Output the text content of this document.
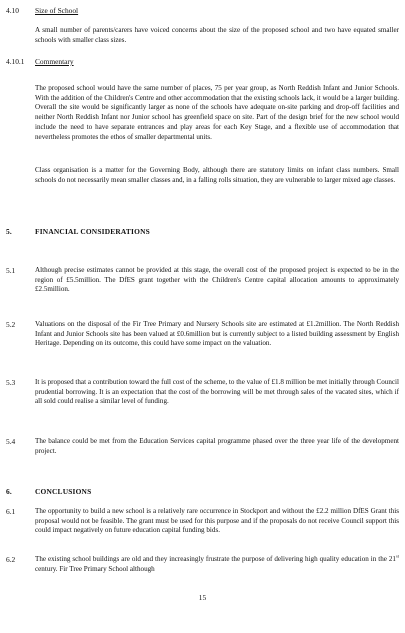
4.10 Size of School

A small number of parents/carers have voiced concerns about the size of the proposed school and two have equated smaller schools with smaller class sizes.

4.10.1 Commentary

The proposed school would have the same number of places, 75 per year group, as North Reddish Infant and Junior Schools. With the addition of the Children's Centre and other accommodation that the existing schools lack, it would be a larger building. Overall the site would be significantly larger as none of the schools have adequate on-site parking and drop-off facilities and neither North Reddish Infant nor Junior school has greenfield space on site. Part of the design brief for the new school would include the need to have separate entrances and play areas for each Key Stage, and a flexible use of accommodation that nevertheless promotes the ethos of smaller departmental units.

Class organisation is a matter for the Governing Body, although there are statutory limits on infant class numbers. Small schools do not necessarily mean smaller classes and, in a falling rolls situation, they are vulnerable to larger mixed age classes.

5.	FINANCIAL CONSIDERATIONS
5.1	Although precise estimates cannot be provided at this stage, the overall cost of the proposed project is expected to be in the region of £5.5million. The DfES grant together with the Children's Centre capital allocation amounts to approximately £2.5million.

5.2	Valuations on the disposal of the Fir Tree Primary and Nursery Schools site are estimated at £1.2million. The North Reddish Infant and Junior Schools site has been valued at £0.6million but is currently subject to a listed building assessment by English Heritage. Depending on its outcome, this could have some impact on the valuation.

5.3	It is proposed that a contribution toward the full cost of the scheme, to the value of £1.8 million be met initially through Council prudential borrowing. It is an expectation that the cost of the borrowing will be met through sales of the vacated sites, which if all sold could realise a similar level of funding.

5.4	The balance could be met from the Education Services capital programme phased over the three year life of the development project.

6.	CONCLUSIONS
6.1	The opportunity to build a new school is a relatively rare occurrence in Stockport and without the £2.2 million DfES Grant this proposal would not be feasible. The grant must be used for this purpose and if the proposals do not receive Council support this could impact negatively on future education capital funding bids.

6.2	The existing school buildings are old and they increasingly frustrate the purpose of delivering high quality education in the 21st century. Fir Tree Primary School although

15
